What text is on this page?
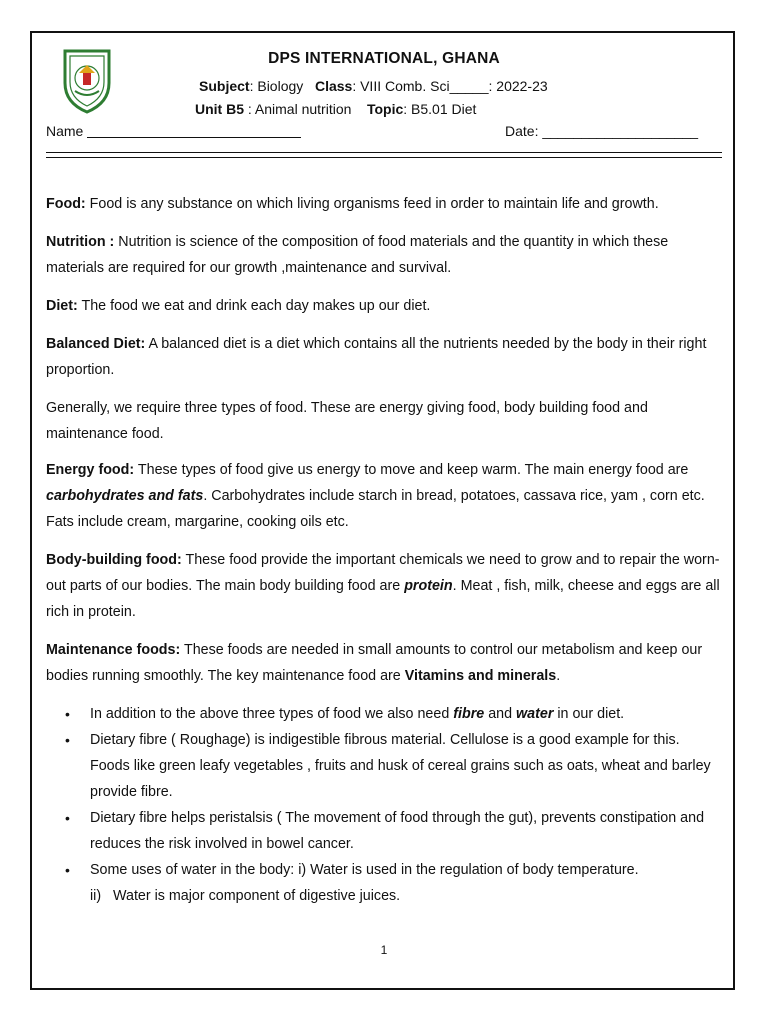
DPS INTERNATIONAL, GHANA
Subject: Biology Class: VIII Comb. Sci_____: 2022-23
Unit B5 : Animal nutrition Topic: B5.01 Diet
Name	Date: ____________________

Food: Food is any substance on which living organisms feed in order to maintain life and growth.

Nutrition : Nutrition is science of the composition of food materials and the quantity in which these materials are required for our growth ,maintenance and survival.

Diet: The food we eat and drink each day makes up our diet.

Balanced Diet: A balanced diet is a diet which contains all the nutrients needed by the body in their right proportion.

Generally, we require three types of food. These are energy giving food, body building food and maintenance food.

Energy food: These types of food give us energy to move and keep warm. The main energy food are carbohydrates and fats. Carbohydrates include starch in bread, potatoes, cassava rice, yam , corn etc. Fats include cream, margarine, cooking oils etc.

Body-building food: These food provide the important chemicals we need to grow and to repair the worn-out parts of our bodies. The main body building food are protein. Meat , fish, milk, cheese and eggs are all rich in protein.

Maintenance foods: These foods are needed in small amounts to control our metabolism and keep our bodies running smoothly. The key maintenance food are Vitamins and minerals.

• In addition to the above three types of food we also need fibre and water in our diet.
• Dietary fibre ( Roughage) is indigestible fibrous material. Cellulose is a good example for this. Foods like green leafy vegetables , fruits and husk of cereal grains such as oats, wheat and barley provide fibre.
• Dietary fibre helps peristalsis ( The movement of food through the gut), prevents constipation and reduces the risk involved in bowel cancer.
• Some uses of water in the body: i) Water is used in the regulation of body temperature.
ii)   Water is major component of digestive juices.
1
